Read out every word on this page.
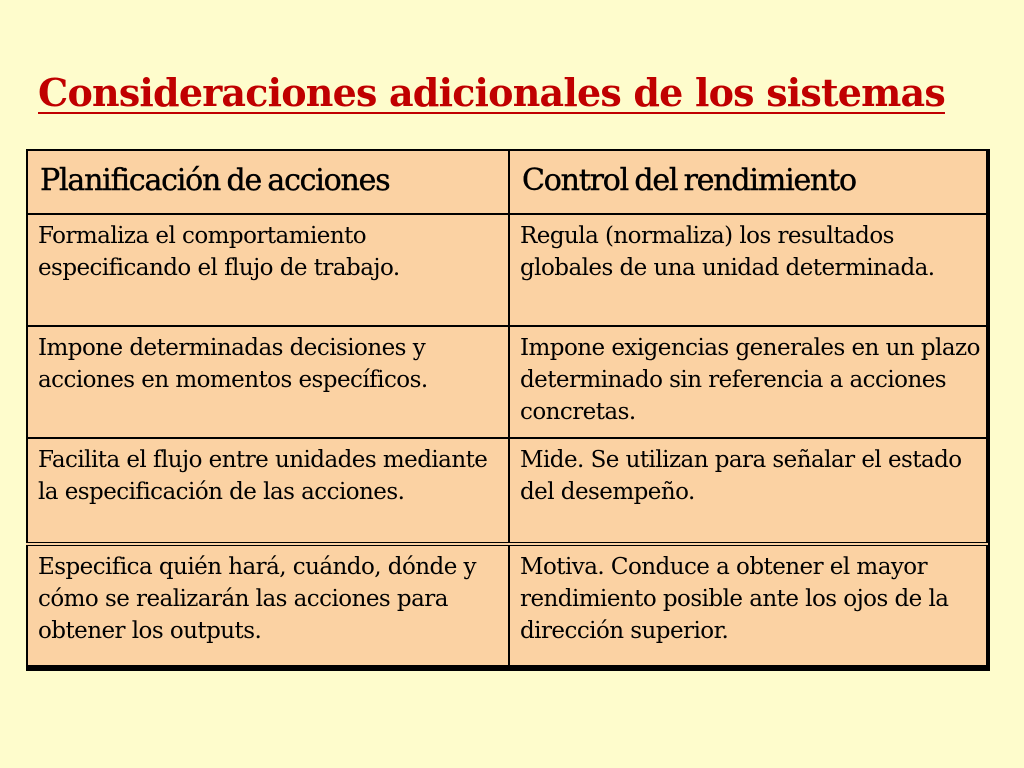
Consideraciones adicionales de los sistemas
Planificación de acciones	Control del rendimiento
Formaliza el comportamiento especificando el flujo de trabajo.	Regula (normaliza) los resultados globales de una unidad determinada.
Impone determinadas decisiones y acciones en momentos específicos.	Impone exigencias generales en un plazo determinado sin referencia a acciones concretas.
Facilita el flujo entre unidades mediante la especificación de las acciones.	Mide. Se utilizan para señalar el estado del desempeño.
Especifica quién hará, cuándo, dónde y cómo se realizarán las acciones para obtener los outputs.	Motiva. Conduce a obtener el mayor rendimiento posible ante los ojos de la dirección superior.
